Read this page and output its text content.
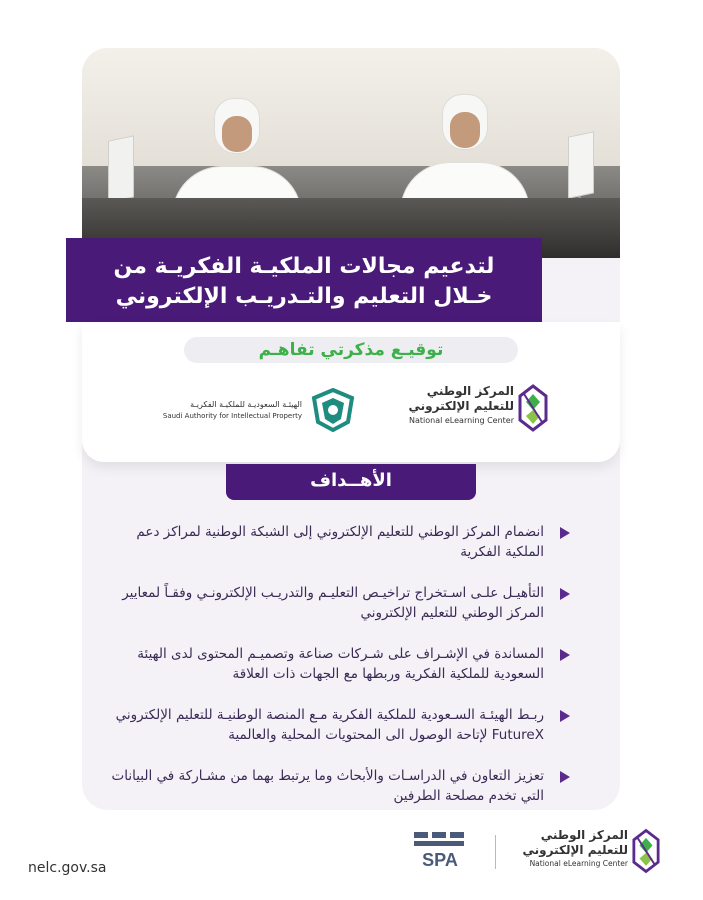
لتدعيم مجالات الملكيـة الفكريـة من
خـلال التعليم والتـدريـب الإلكتروني
توقيـع مذكرتي تفاهـم
المركز الوطني
للتعليم الإلكتروني
National eLearning Center
الهيئـة السعوديـة للملكيـة الفكريـة
Saudi Authority for Intellectual Property
الأهــداف
انضمام المركز الوطني للتعليم الإلكتروني إلى الشبكة الوطنية لمراكز دعم الملكية الفكرية
التأهيـل علـى اسـتخراج تراخيـص التعليـم والتدريـب الإلكترونـي وفقـاً لمعايير المركز الوطني للتعليم الإلكتروني
المساندة في الإشـراف على شـركات صناعة وتصميـم المحتوى لدى الهيئة السعودية للملكية الفكرية وربطها مع الجهات ذات العلاقة
ربـط الهيئـة السـعودية للملكية الفكرية مـع المنصة الوطنيـة للتعليم الإلكتروني FutureX لإتاحة الوصول الى المحتويات المحلية والعالمية
تعزيز التعاون في الدراسـات والأبحاث وما يرتبط بهما من مشـاركة في البيانات التي تخدم مصلحة الطرفين
nelc.gov.sa	SPA
المركز الوطني
للتعليم الإلكتروني
National eLearning Center
